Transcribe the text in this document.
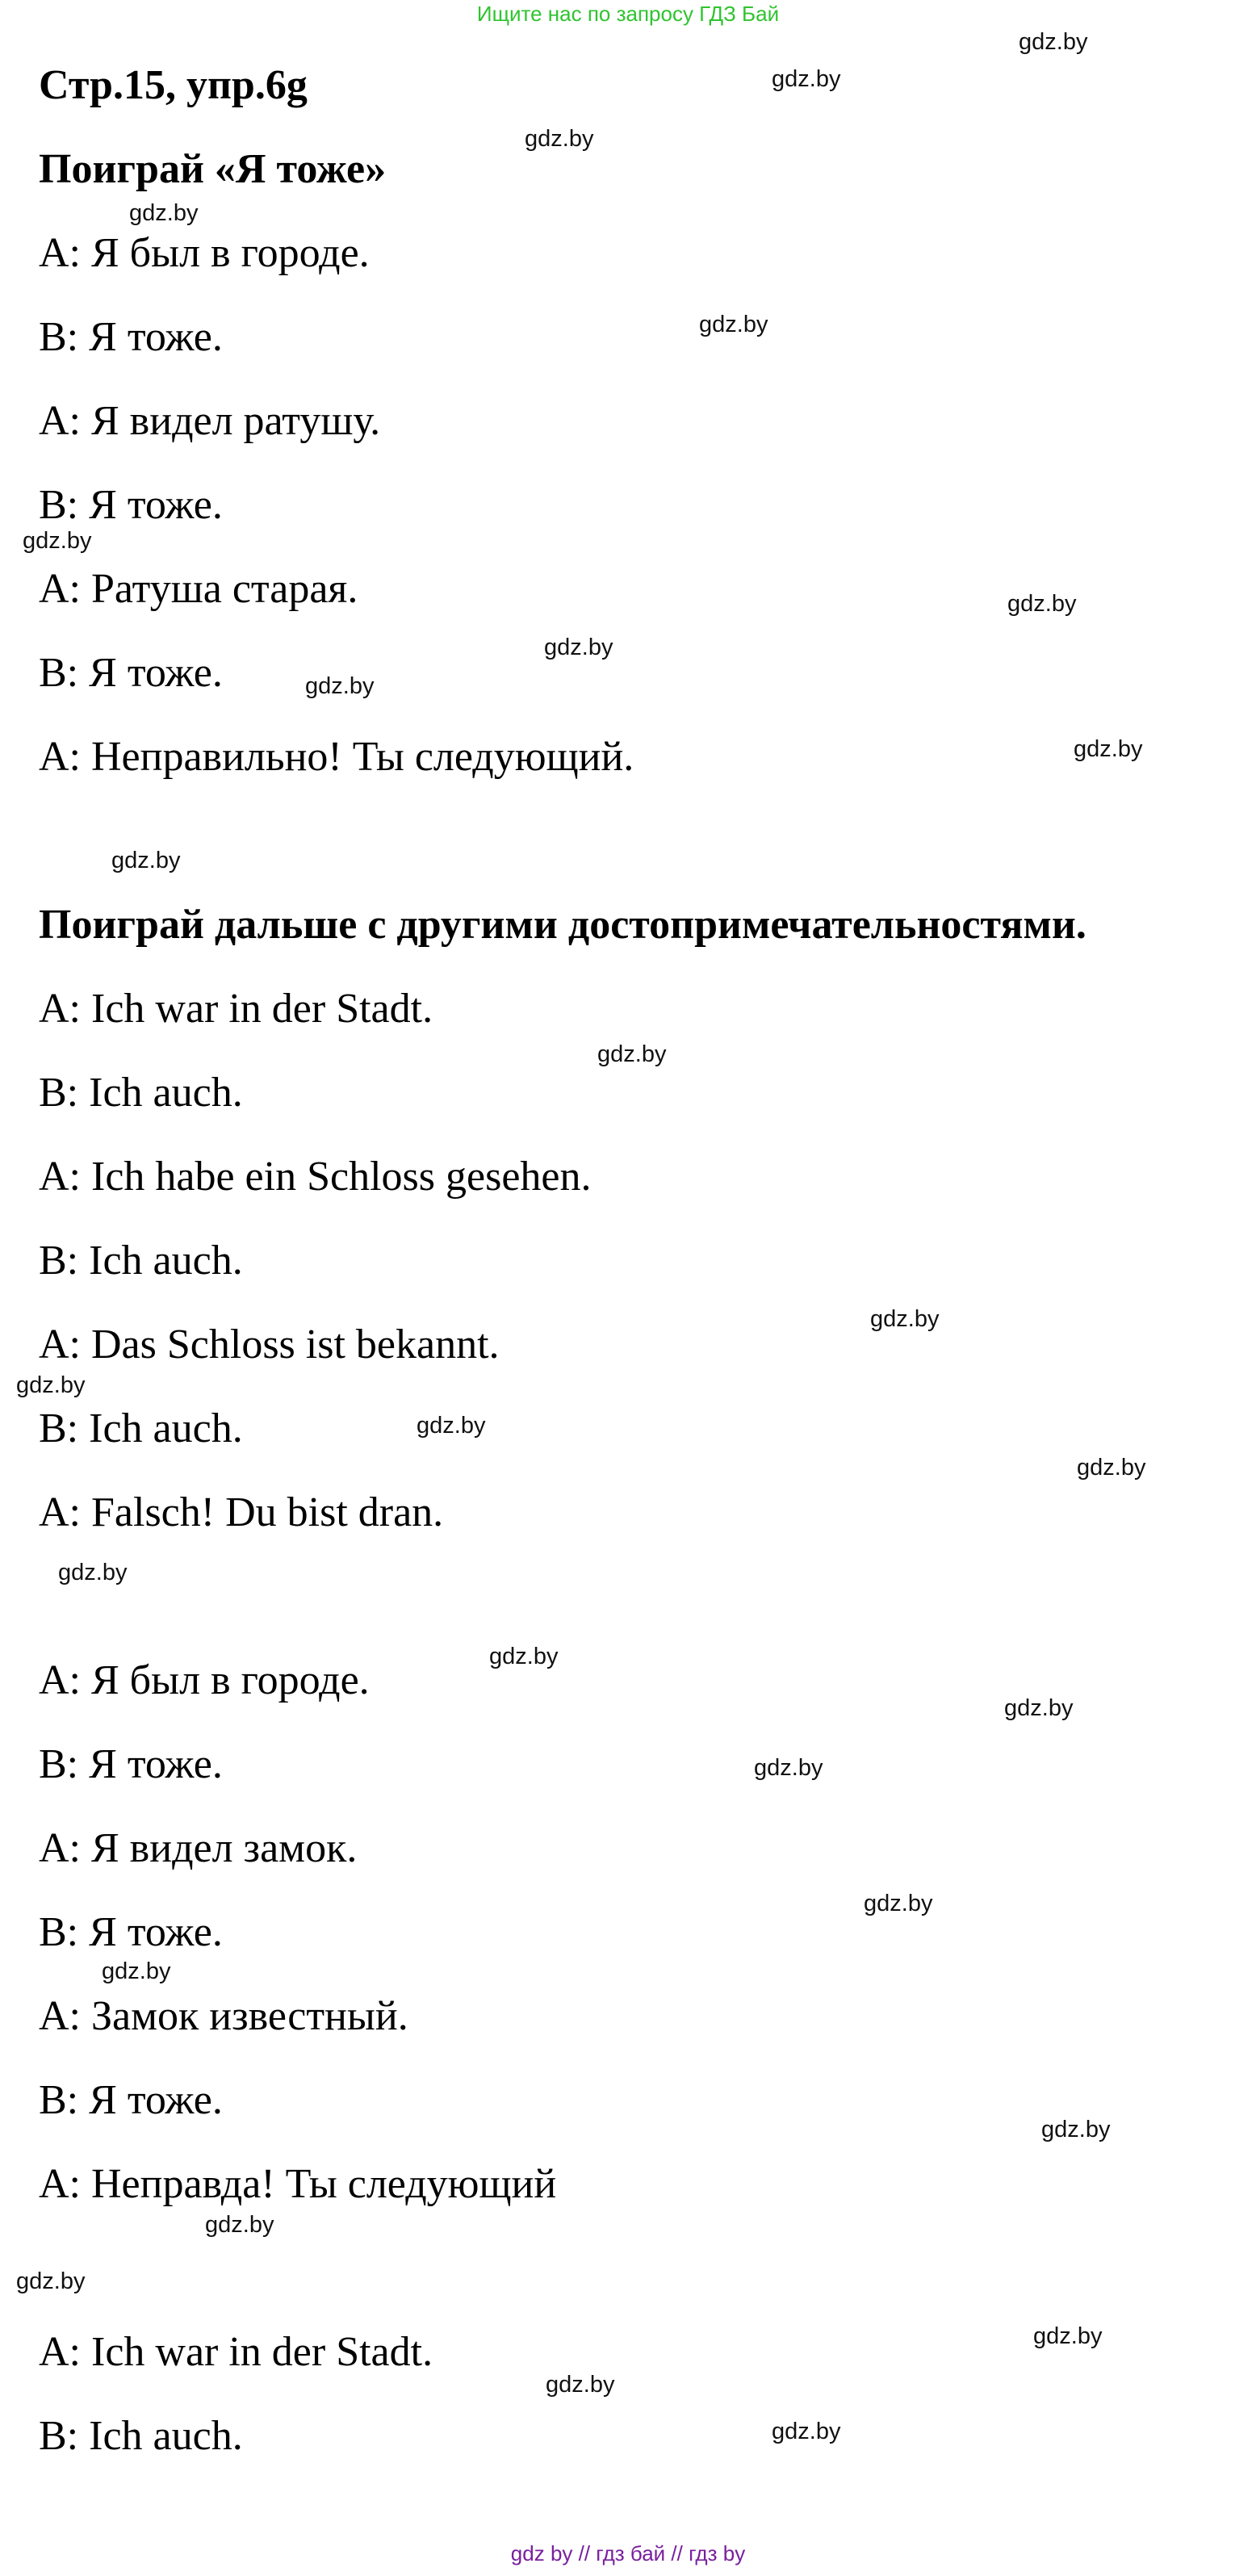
Ищите нас по запросу ГДЗ Бай
Стр.15, упр.6g
Поиграй «Я тоже»
А: Я был в городе.
В: Я тоже.
А: Я видел ратушу.
В: Я тоже.
А: Ратуша старая.
В: Я тоже.
А: Неправильно! Ты следующий.
Поиграй дальше с другими достопримечательностями.
A: Ich war in der Stadt.
B: Ich auch.
A: Ich habe ein Schloss gesehen.
B: Ich auch.
A: Das Schloss ist bekannt.
B: Ich auch.
A: Falsch! Du bist dran.
А: Я был в городе.
В: Я тоже.
А: Я видел замок.
В: Я тоже.
А: Замок известный.
В: Я тоже.
А: Неправда! Ты следующий
A: Ich war in der Stadt.
B: Ich auch.
gdz.by
gdz.by
gdz.by
gdz.by
gdz.by
gdz.by
gdz.by
gdz.by
gdz.by
gdz.by
gdz.by
gdz.by
gdz.by
gdz.by
gdz.by
gdz.by
gdz.by
gdz.by
gdz.by
gdz.by
gdz.by
gdz.by
gdz.by
gdz.by
gdz.by
gdz.by
gdz.by
gdz.by
gdz by // гдз бай // гдз by
